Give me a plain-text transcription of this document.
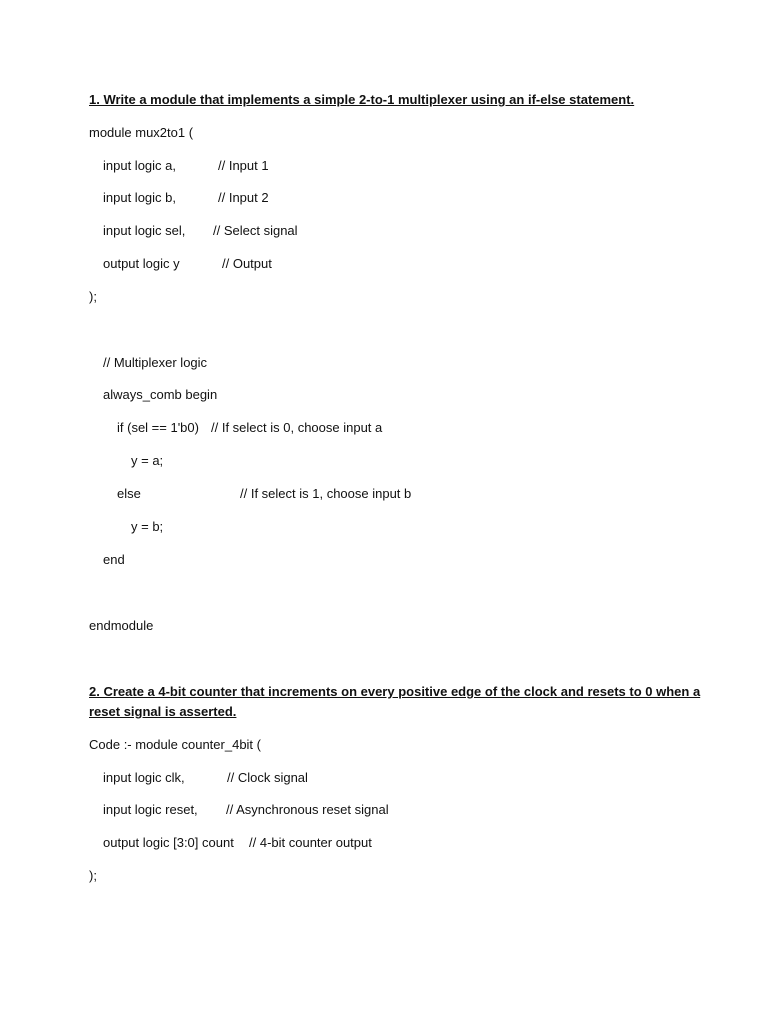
1. Write a module that implements a simple 2-to-1 multiplexer using an if-else statement.
module mux2to1 (
input logic a,	// Input 1
input logic b,	// Input 2
input logic sel, // Select signal
output logic y	// Output
);
// Multiplexer logic
always_comb begin
if (sel == 1'b0) // If select is 0, choose input a
y = a;
else	// If select is 1, choose input b
y = b;
end
endmodule
2. Create a 4-bit counter that increments on every positive edge of the clock and resets to 0 when a
reset signal is asserted.
Code :- module counter_4bit (
input logic clk,	// Clock signal
input logic reset, // Asynchronous reset signal
output logic [3:0] count // 4-bit counter output
);
